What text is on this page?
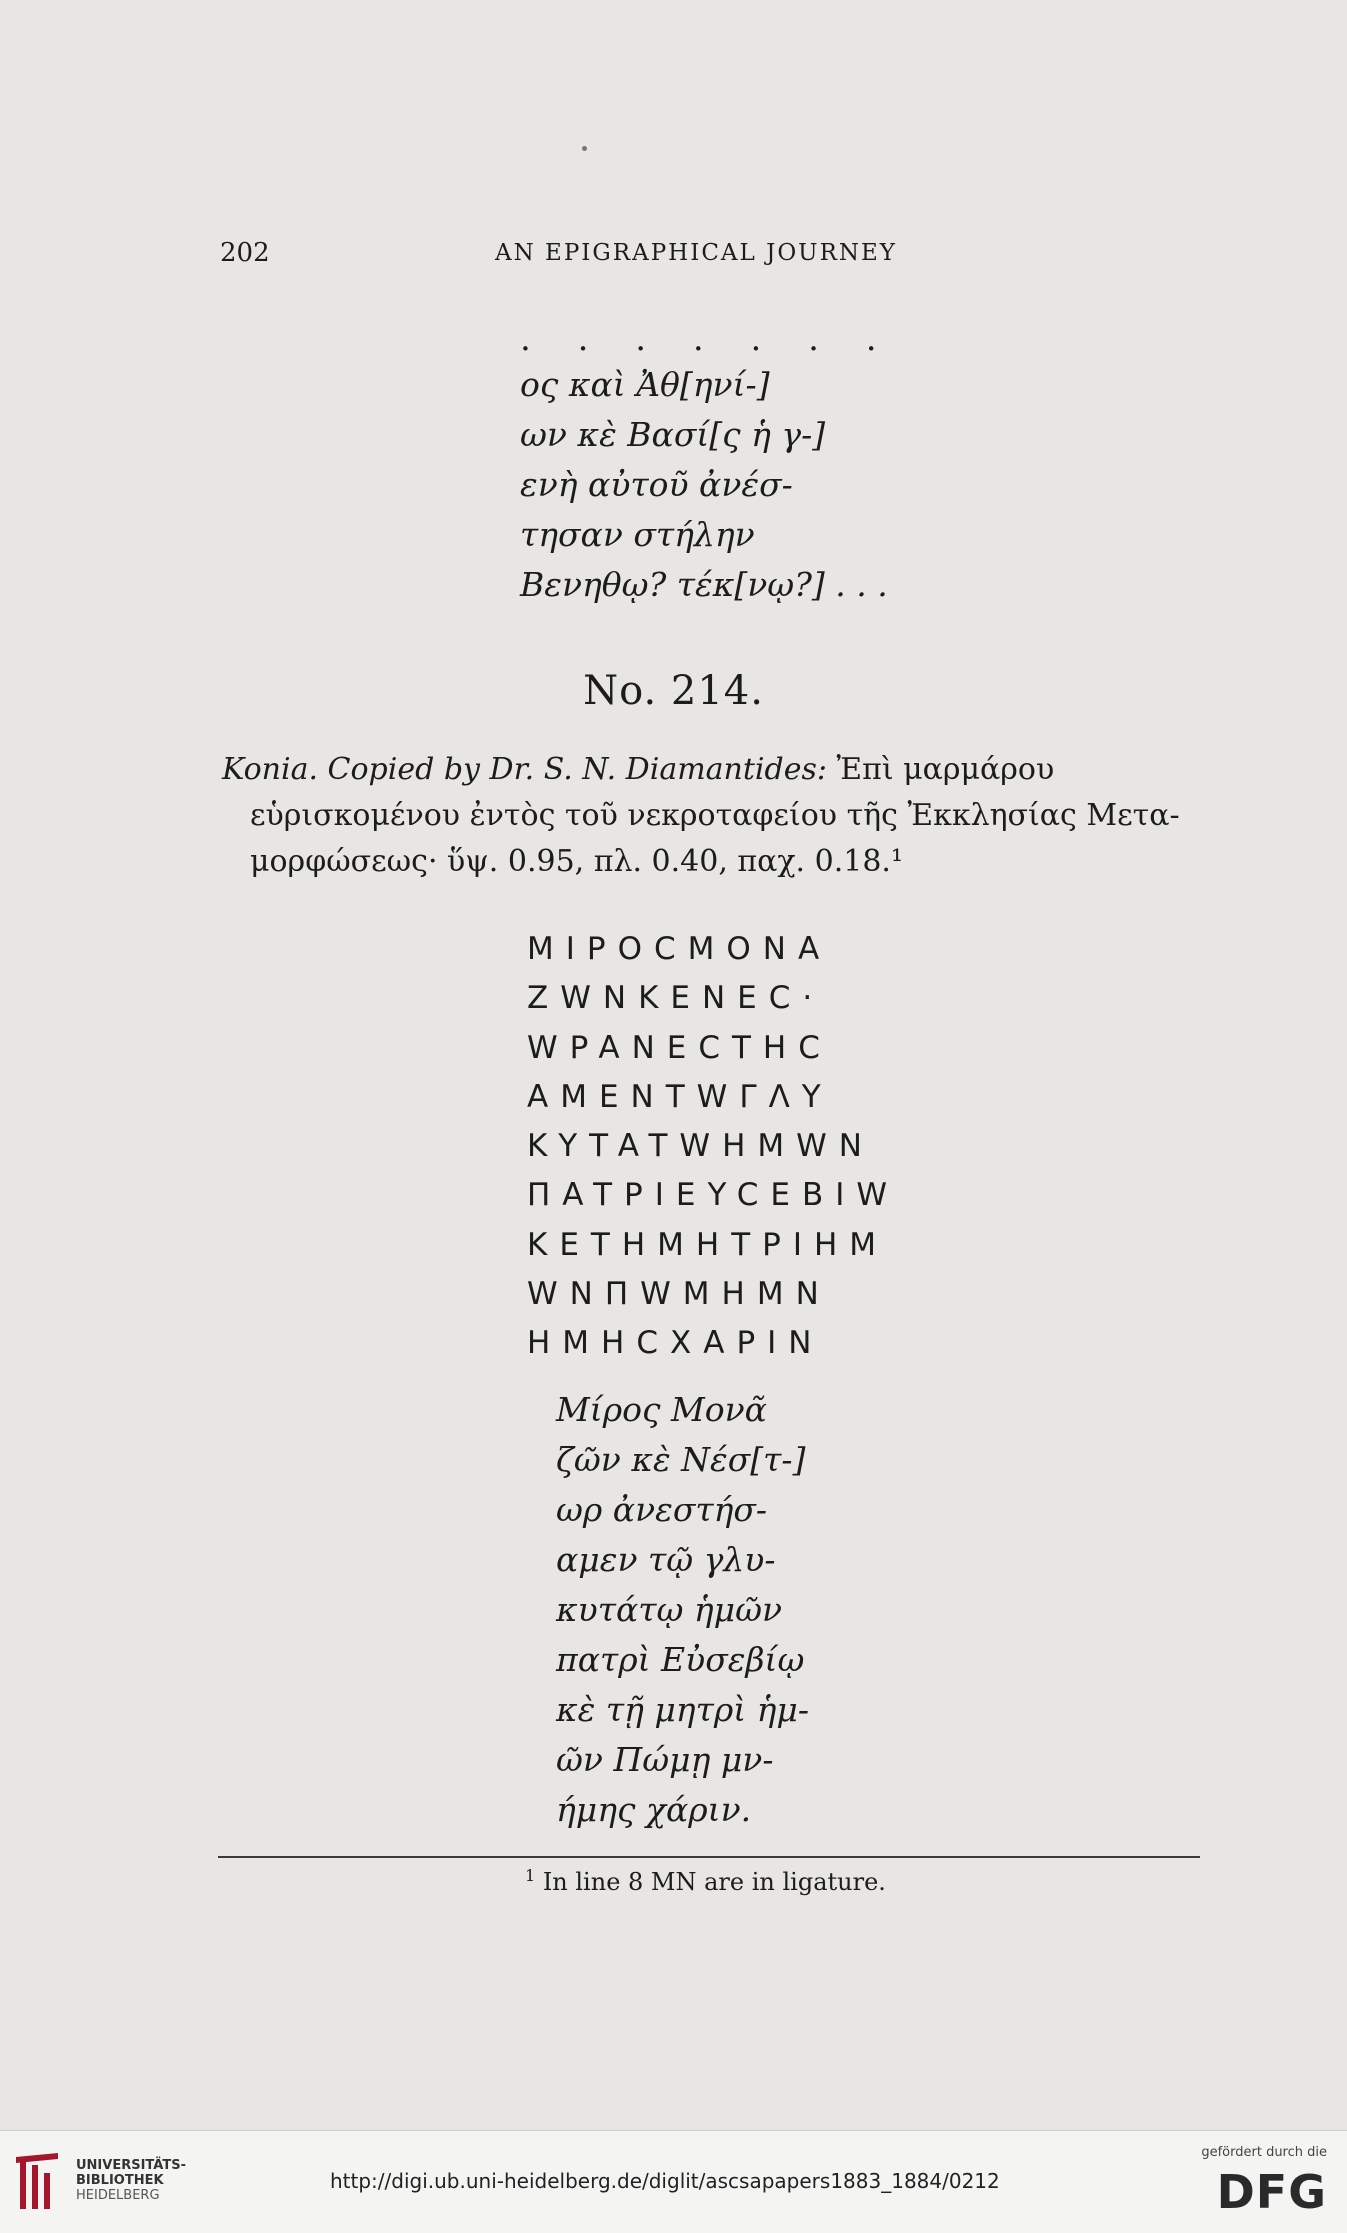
202	AN EPIGRAPHICAL JOURNEY
. . . . . . .
ος καὶ Ἀθ[ηνί-]
ων κὲ Βασί[ς ἡ γ-]
ενὴ αὐτοῦ ἀνέσ-
τησαν στήλην
Βενηθῳ? τέκ[νῳ?] . . .
No. 214.
Konia. Copied by Dr. S. N. Diamantides: Ἐπὶ μαρμάρου
εὑρισκομένου ἐντὸς τοῦ νεκροταφείου τῆς Ἐκκλησίας Μετα-
μορφώσεως· ὕψ. 0.95, πλ. 0.40, παχ. 0.18.¹
MIPOCMONA
ZWNKENEC·
WPANECTHC
AMENTWΓΛY
KYTATWHMWN
ΠATPIEYCEBIW
KETHMHTPIHM
WNΠWMHMN
HMHCXAPIN
Μίρος Μονᾶ
ζῶν κὲ Νέσ[τ-]
ωρ ἀνεστήσ-
αμεν τῷ γλυ-
κυτάτῳ ἡμῶν
πατρὶ Εὐσεβίῳ
κὲ τῇ μητρὶ ἡμ-
ῶν Πώμῃ μν-
ήμης χάριν.
$^1$ In line 8 MN are in ligature.
UNIVERSITÄTS-
BIBLIOTHEK
HEIDELBERG
http://digi.ub.uni-heidelberg.de/diglit/ascsapapers1883_1884/0212
gefördert durch die
DFG
